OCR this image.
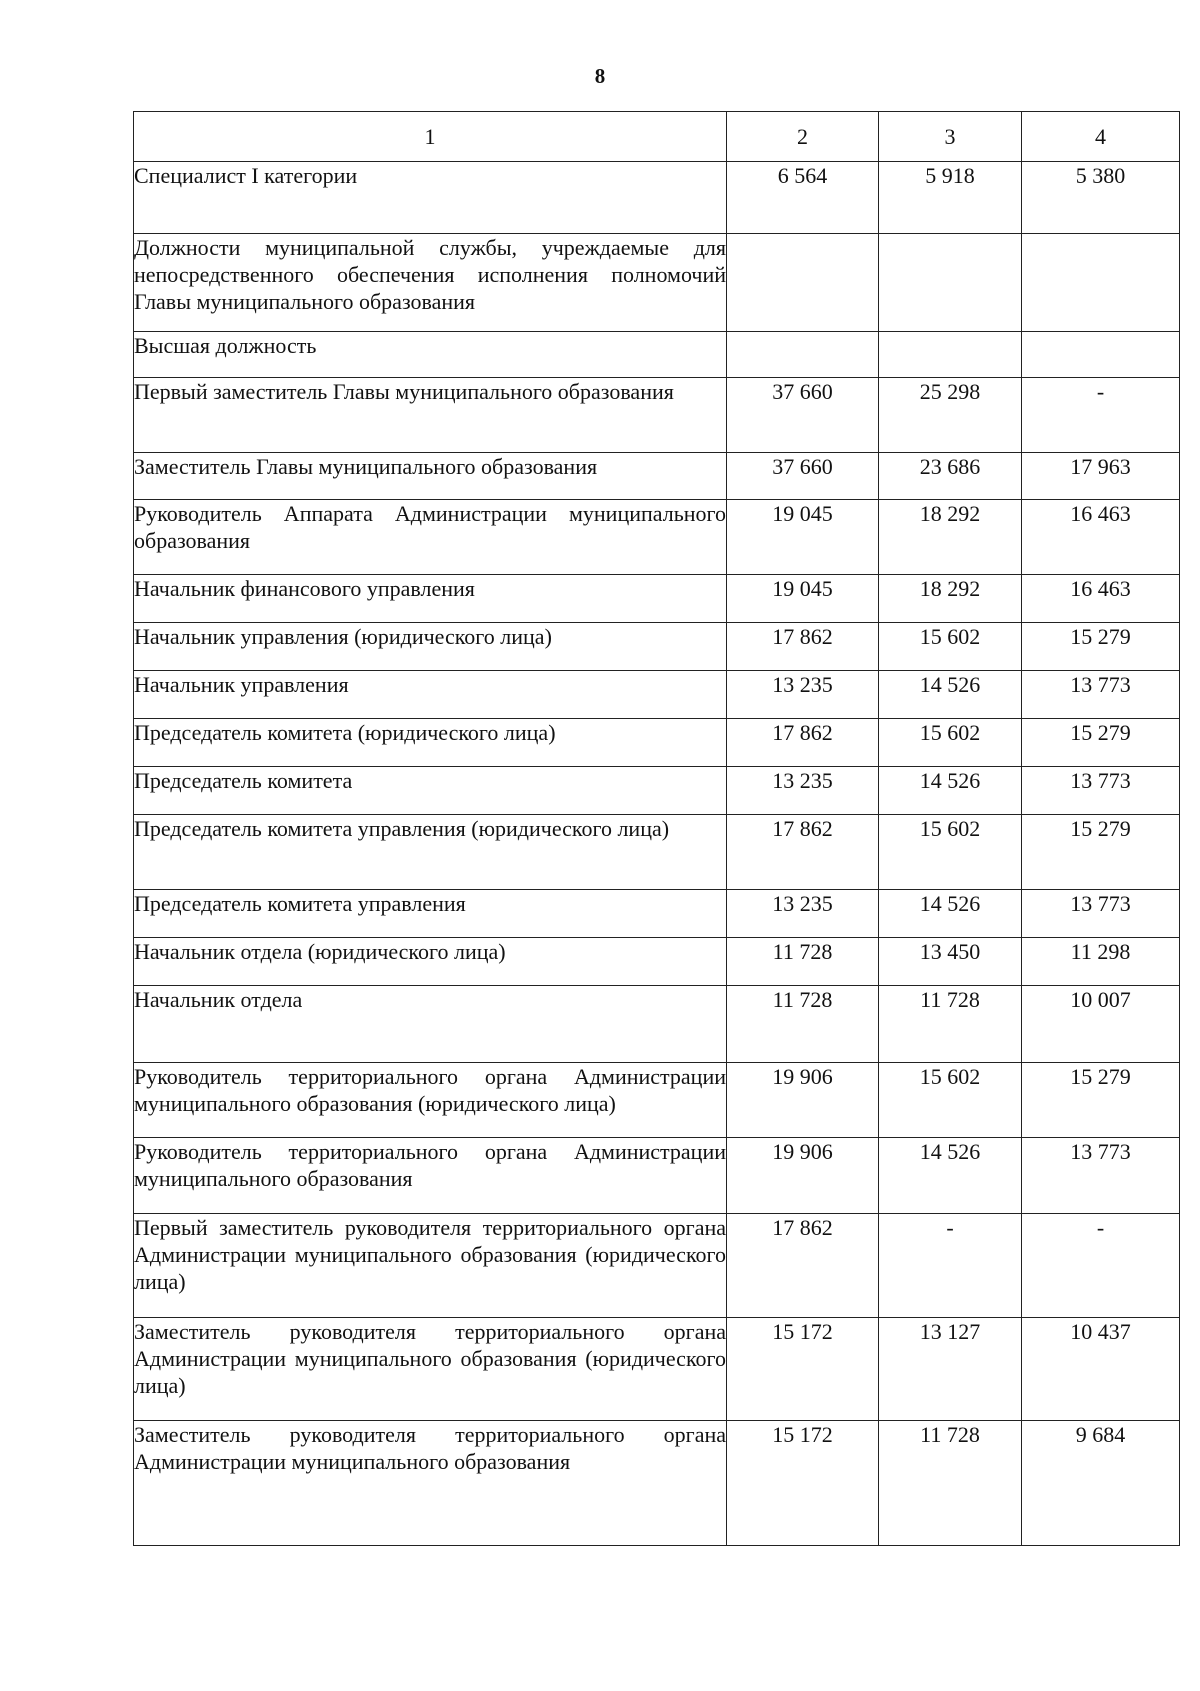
8
1	2	3	4
Специалист I категории	6 564	5 918	5 380
Должности муниципальной службы, учреждаемые для непосредственного обеспечения исполнения полномочий Главы муниципального образования			
Высшая должность			
Первый заместитель Главы муниципального образования	37 660	25 298	-
Заместитель Главы муниципального образования	37 660	23 686	17 963
Руководитель Аппарата Администрации муниципального образования	19 045	18 292	16 463
Начальник финансового управления	19 045	18 292	16 463
Начальник управления (юридического лица)	17 862	15 602	15 279
Начальник управления	13 235	14 526	13 773
Председатель комитета (юридического лица)	17 862	15 602	15 279
Председатель комитета	13 235	14 526	13 773
Председатель комитета управления (юридического лица)	17 862	15 602	15 279
Председатель комитета управления	13 235	14 526	13 773
Начальник отдела (юридического лица)	11 728	13 450	11 298
Начальник отдела	11 728	11 728	10 007
Руководитель территориального органа Администрации муниципального образования (юридического лица)	19 906	15 602	15 279
Руководитель территориального органа Администрации муниципального образования	19 906	14 526	13 773
Первый заместитель руководителя территориального органа Администрации муниципального образования (юридического лица)	17 862	-	-
Заместитель руководителя территориального органа Администрации муниципального образования (юридического лица)	15 172	13 127	10 437
Заместитель руководителя территориального органа Администрации муниципального образования	15 172	11 728	9 684
